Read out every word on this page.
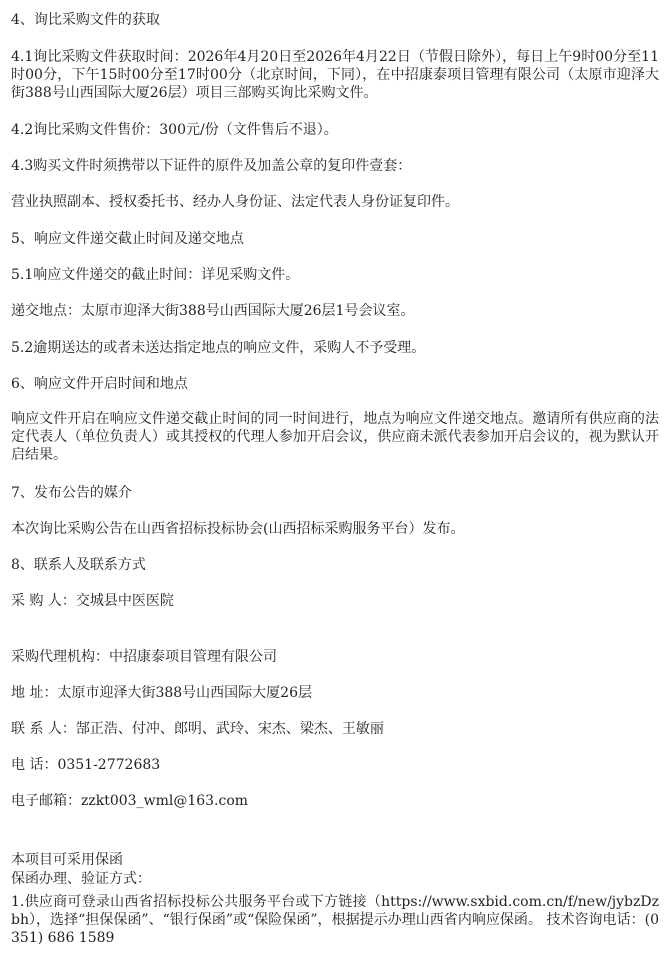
4、询比采购文件的获取
4.1询比采购文件获取时间：2026年4月20日至2026年4月22日（节假日除外），每日上午9时00分至11时00分，下午15时00分至17时00分（北京时间，下同），在中招康泰项目管理有限公司（太原市迎泽大街388号山西国际大厦26层）项目三部购买询比采购文件。
4.2询比采购文件售价：300元/份（文件售后不退）。
4.3购买文件时须携带以下证件的原件及加盖公章的复印件壹套：
营业执照副本、授权委托书、经办人身份证、法定代表人身份证复印件。
5、响应文件递交截止时间及递交地点
5.1响应文件递交的截止时间：详见采购文件。
递交地点：太原市迎泽大街388号山西国际大厦26层1号会议室。
5.2逾期送达的或者未送达指定地点的响应文件，采购人不予受理。
6、响应文件开启时间和地点
响应文件开启在响应文件递交截止时间的同一时间进行，地点为响应文件递交地点。邀请所有供应商的法定代表人（单位负责人）或其授权的代理人参加开启会议，供应商未派代表参加开启会议的，视为默认开启结果。
7、发布公告的媒介
本次询比采购公告在山西省招标投标协会(山西招标采购服务平台）发布。
8、联系人及联系方式
采 购 人：交城县中医医院
采购代理机构：中招康泰项目管理有限公司
地 址：太原市迎泽大街388号山西国际大厦26层
联 系 人：郜正浩、付冲、郎明、武玲、宋杰、梁杰、王敏丽
电 话：0351-2772683
电子邮箱：zzkt003_wml@163.com
本项目可采用保函
保函办理、验证方式：
1.供应商可登录山西省招标投标公共服务平台或下方链接（https://www.sxbid.com.cn/f/new/jybzDzbh），选择“担保保函”、“银行保函”或“保险保函”，根据提示办理山西省内响应保函。 技术咨询电话：(0351) 686 1589
